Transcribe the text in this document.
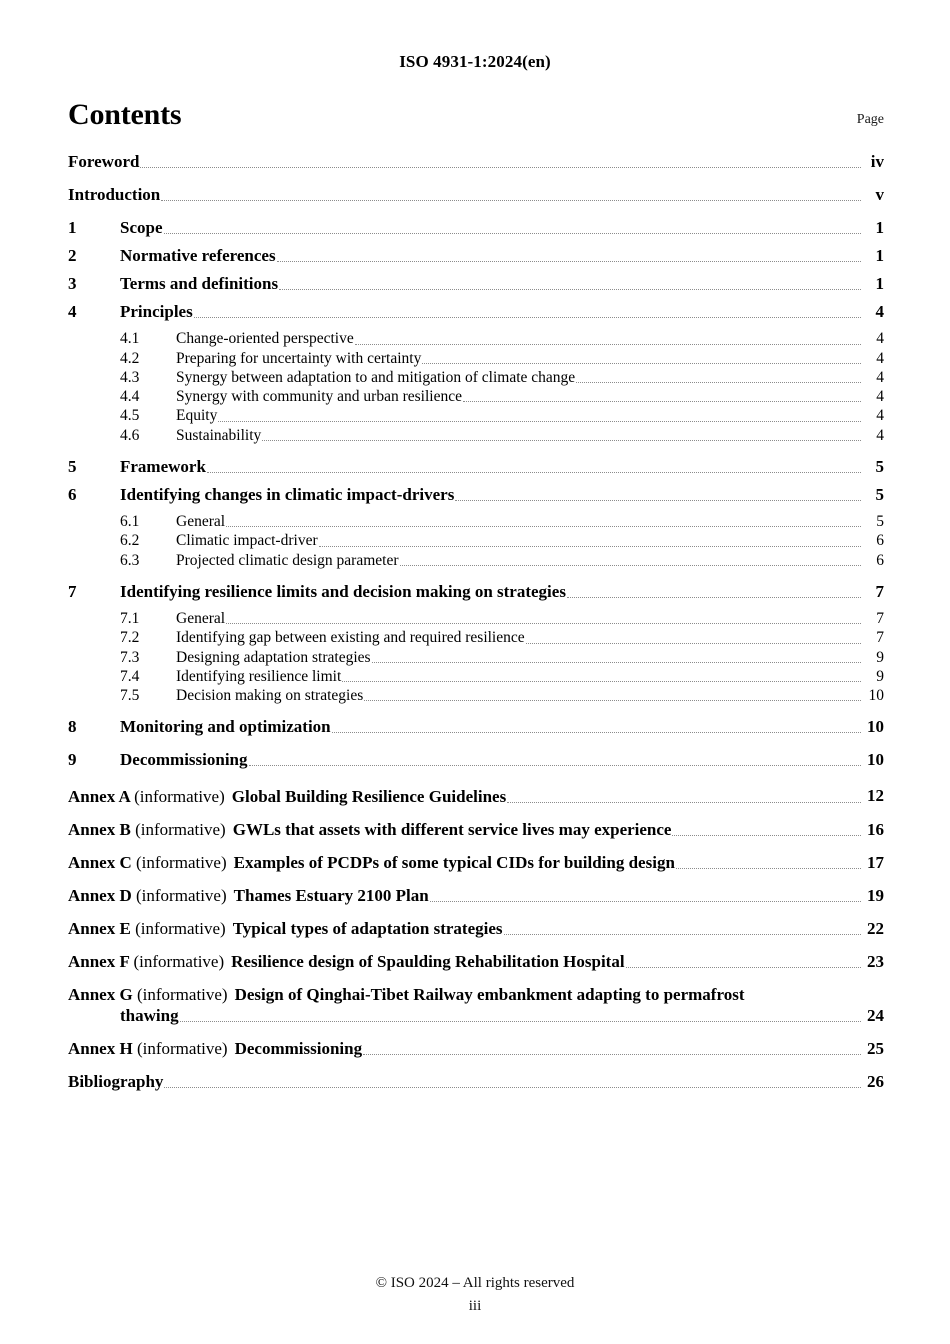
ISO 4931-1:2024(en)
Contents	Page
Foreword	iv
Introduction	v
1	Scope	1
2	Normative references	1
3	Terms and definitions	1
4	Principles	4
4.1	Change-oriented perspective	4
4.2	Preparing for uncertainty with certainty	4
4.3	Synergy between adaptation to and mitigation of climate change	4
4.4	Synergy with community and urban resilience	4
4.5	Equity	4
4.6	Sustainability	4
5	Framework	5
6	Identifying changes in climatic impact-drivers	5
6.1	General	5
6.2	Climatic impact-driver	6
6.3	Projected climatic design parameter	6
7	Identifying resilience limits and decision making on strategies	7
7.1	General	7
7.2	Identifying gap between existing and required resilience	7
7.3	Designing adaptation strategies	9
7.4	Identifying resilience limit	9
7.5	Decision making on strategies	10
8	Monitoring and optimization	10
9	Decommissioning	10
Annex A (informative) Global Building Resilience Guidelines	12
Annex B (informative) GWLs that assets with different service lives may experience	16
Annex C (informative) Examples of PCDPs of some typical CIDs for building design	17
Annex D (informative) Thames Estuary 2100 Plan	19
Annex E (informative) Typical types of adaptation strategies	22
Annex F (informative) Resilience design of Spaulding Rehabilitation Hospital	23
Annex G (informative) Design of Qinghai-Tibet Railway embankment adapting to permafrost
thawing	24
Annex H (informative) Decommissioning	25
Bibliography	26
© ISO 2024 – All rights reserved
iii
